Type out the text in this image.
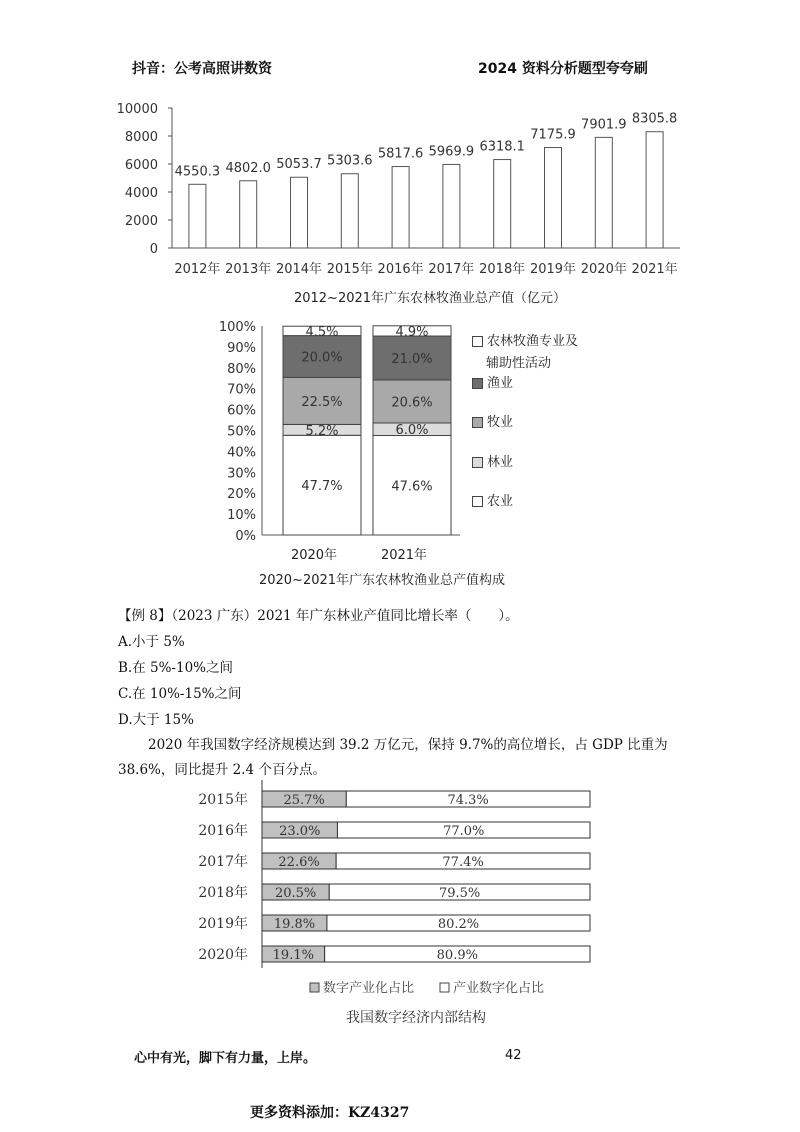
抖音：公考高照讲数资	2024 资料分析题型夸夸刷
0
2000
4000
6000
8000
10000
4550.3 4802.0 5053.7 5303.6 5817.6 5969.9 6318.1
7175.9
7901.9 8305.8
2012年 2013年 2014年 2015年 2016年 2017年 2018年 2019年 2020年 2021年
2012~2021年广东农林牧渔业总产值（亿元）
0%
10%
20%
30%
40%
50%
60%
70%
80%
90%
100%
47.7%
5.2%
22.5%
20.0%
4.5%
47.6%
6.0%
20.6%
21.0%
4.9%
2020年	2021年
2020~2021年广东农林牧渔业总产值构成
农林牧渔专业及
辅助性活动
渔业
牧业
林业
农业
【例 8】（2023 广东）2021 年广东林业产值同比增长率（　　）。
A.小于 5%
B.在 5%-10%之间
C.在 10%-15%之间
D.大于 15%
2020 年我国数字经济规模达到 39.2 万亿元，保持 9.7%的高位增长，占 GDP 比重为
38.6%，同比提升 2.4 个百分点。
2015年	25.7%	74.3%
2016年 23.0%	77.0%
2017年 22.6%	77.4%
2018年 20.5%	79.5%
2019年 19.8%	80.2%
2020年 19.1%	80.9%
数字产业化占比	产业数字化占比
我国数字经济内部结构
心中有光，脚下有力量，上岸。	42
更多资料添加：KZ4327
